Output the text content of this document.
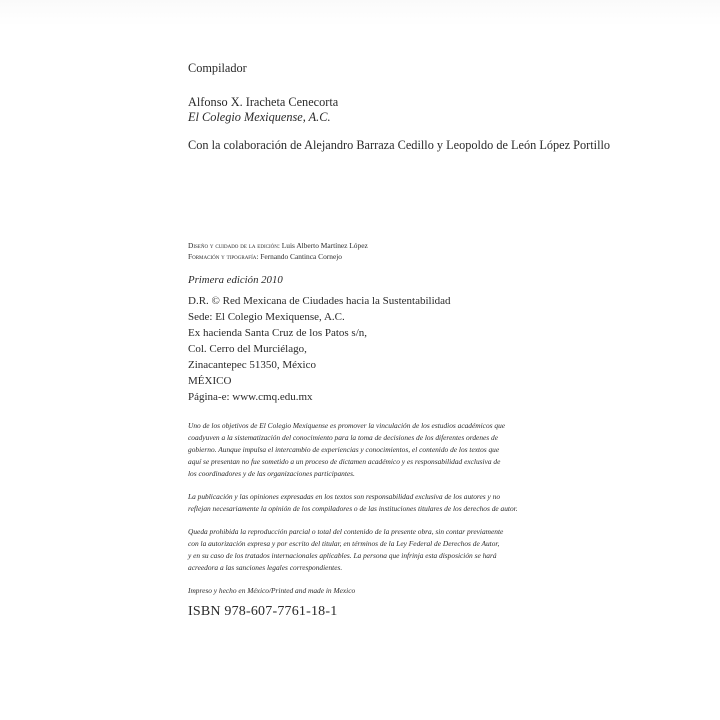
Compilador
Alfonso X. Iracheta Cenecorta
El Colegio Mexiquense, A.C.
Con la colaboración de Alejandro Barraza Cedillo y Leopoldo de León López Portillo
Diseño y cuidado de la edición: Luis Alberto Martínez López
Formación y tipografía: Fernando Cantinca Cornejo
Primera edición 2010
D.R. © Red Mexicana de Ciudades hacia la Sustentabilidad
Sede: El Colegio Mexiquense, A.C.
Ex hacienda Santa Cruz de los Patos s/n,
Col. Cerro del Murciélago,
Zinacantepec 51350, México
MÉXICO
Página-e: www.cmq.edu.mx
Uno de los objetivos de El Colegio Mexiquense es promover la vinculación de los estudios académicos que
coadyuven a la sistematización del conocimiento para la toma de decisiones de los diferentes ordenes de
gobierno. Aunque impulsa el intercambio de experiencias y conocimientos, el contenido de los textos que
aquí se presentan no fue sometido a un proceso de dictamen académico y es responsabilidad exclusiva de
los coordinadores y de las organizaciones participantes.
La publicación y las opiniones expresadas en los textos son responsabilidad exclusiva de los autores y no
reflejan necesariamente la opinión de los compiladores o de las instituciones titulares de los derechos de autor.
Queda prohibida la reproducción parcial o total del contenido de la presente obra, sin contar previamente
con la autorización expresa y por escrito del titular, en términos de la Ley Federal de Derechos de Autor,
y en su caso de los tratados internacionales aplicables. La persona que infrinja esta disposición se hará
acreedora a las sanciones legales correspondientes.
Impreso y hecho en México/Printed and made in Mexico
ISBN 978-607-7761-18-1
